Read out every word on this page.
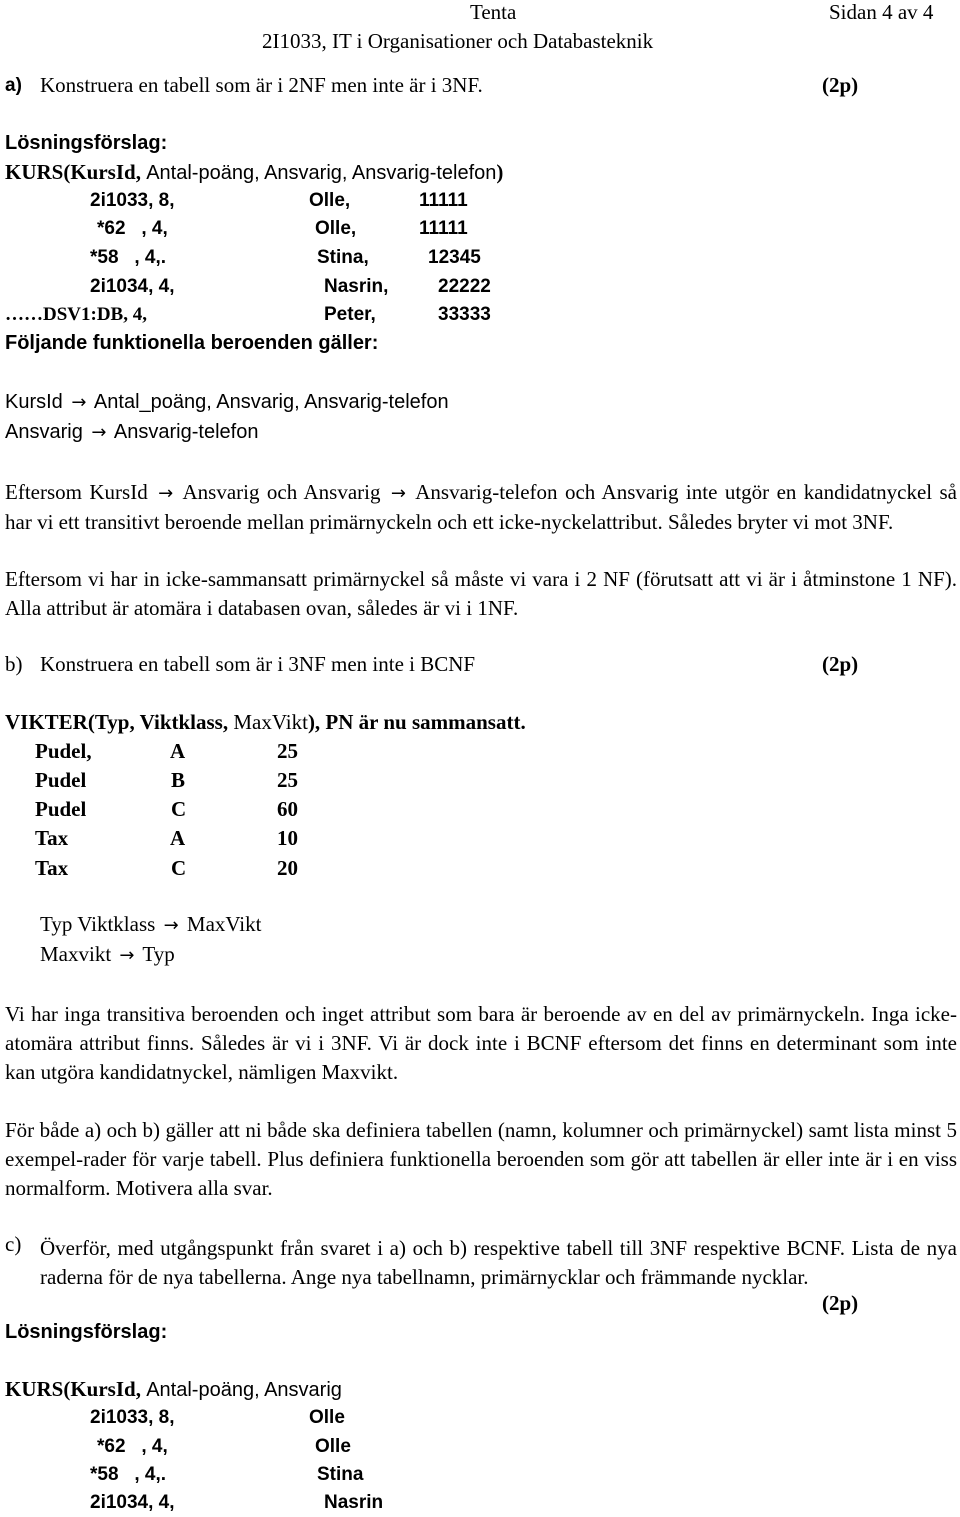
Tenta	Sidan 4 av 4
2I1033, IT i Organisationer och Databasteknik
a) Konstruera en tabell som är i 2NF men inte är i 3NF.	(2p)
Lösningsförslag:
KURS(KursId, Antal-poäng, Ansvarig, Ansvarig-telefon)
2i1033, 8,	Olle,	11111
*62   , 4,	Olle,	11111
*58   , 4,.	Stina,	12345
2i1034, 4,	Nasrin,	22222
……DSV1:DB, 4,	Peter,	33333
Följande funktionella beroenden gäller:
KursId → Antal_poäng, Ansvarig, Ansvarig-telefon
Ansvarig → Ansvarig-telefon
Eftersom KursId → Ansvarig och Ansvarig → Ansvarig-telefon och Ansvarig inte utgör en kandidatnyckel så har vi ett transitivt beroende mellan primärnyckeln och ett icke-nyckelattribut. Således bryter vi mot 3NF.
Eftersom vi har in icke-sammansatt primärnyckel så måste vi vara i 2 NF (förutsatt att vi är i åtminstone 1 NF). Alla attribut är atomära i databasen ovan, således är vi i 1NF.
b) Konstruera en tabell som är i 3NF men inte i BCNF	(2p)
VIKTER(Typ, Viktklass, MaxVikt), PN är nu sammansatt.
Pudel,	A	25
Pudel	B	25
Pudel	C	60
Tax	A	10
Tax	C	20
Typ Viktklass → MaxVikt
Maxvikt → Typ
Vi har inga transitiva beroenden och inget attribut som bara är beroende av en del av primärnyckeln. Inga icke-atomära attribut finns. Således är vi i 3NF. Vi är dock inte i BCNF eftersom det finns en determinant som inte kan utgöra kandidatnyckel, nämligen Maxvikt.
För både a) och b) gäller att ni både ska definiera tabellen (namn, kolumner och primärnyckel) samt lista minst 5 exempel-rader för varje tabell. Plus definiera funktionella beroenden som gör att tabellen är eller inte är i en viss normalform. Motivera alla svar.
c) Överför, med utgångspunkt från svaret i a) och b) respektive tabell till 3NF respektive BCNF. Lista de nya raderna för de nya tabellerna. Ange nya tabellnamn, primärnycklar och främmande nycklar.
(2p)
Lösningsförslag:
KURS(KursId, Antal-poäng, Ansvarig
2i1033, 8,	Olle
*62   , 4,	Olle
*58   , 4,.	Stina
2i1034, 4,	Nasrin
